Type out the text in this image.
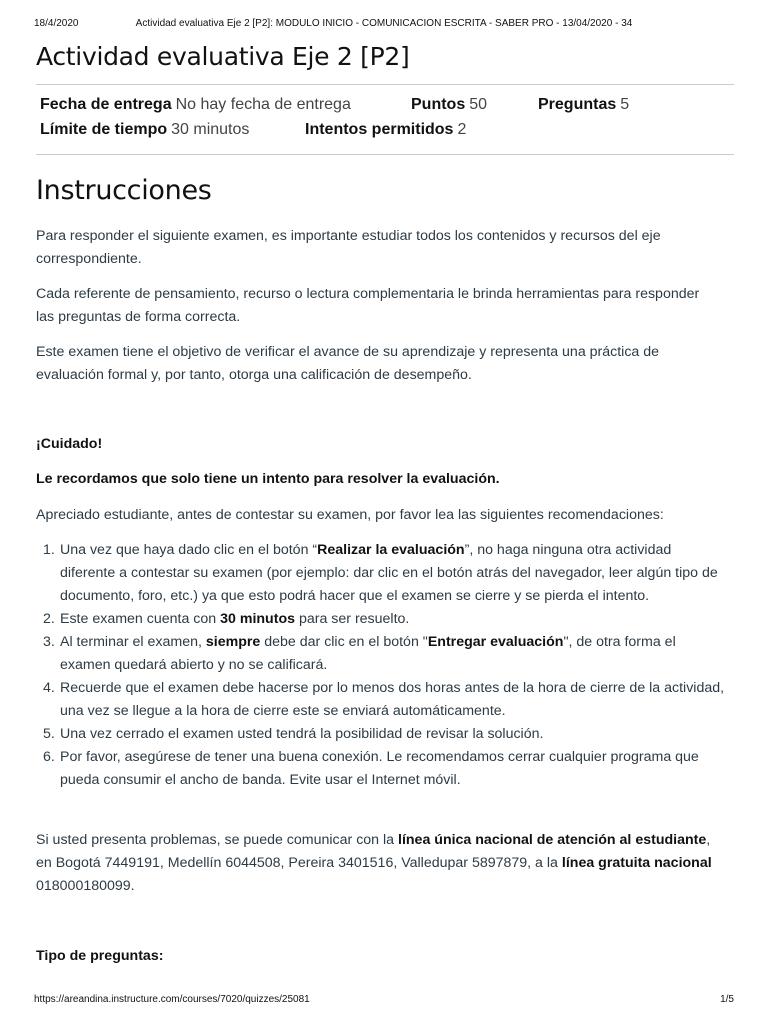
18/4/2020	Actividad evaluativa Eje 2 [P2]: MODULO INICIO - COMUNICACION ESCRITA - SABER PRO - 13/04/2020 - 34
Actividad evaluativa Eje 2 [P2]
Fecha de entrega No hay fecha de entrega	Puntos 50	Preguntas 5
Límite de tiempo 30 minutos	Intentos permitidos 2
Instrucciones

Para responder el siguiente examen, es importante estudiar todos los contenidos y recursos del eje correspondiente.

Cada referente de pensamiento, recurso o lectura complementaria le brinda herramientas para responder las preguntas de forma correcta.

Este examen tiene el objetivo de verificar el avance de su aprendizaje y representa una práctica de evaluación formal y, por tanto, otorga una calificación de desempeño.

¡Cuidado!
Le recordamos que solo tiene un intento para resolver la evaluación.

Apreciado estudiante, antes de contestar su examen, por favor lea las siguientes recomendaciones:

1. Una vez que haya dado clic en el botón “Realizar la evaluación”, no haga ninguna otra actividad diferente a contestar su examen (por ejemplo: dar clic en el botón atrás del navegador, leer algún tipo de documento, foro, etc.) ya que esto podrá hacer que el examen se cierre y se pierda el intento.
2. Este examen cuenta con 30 minutos para ser resuelto.
3. Al terminar el examen, siempre debe dar clic en el botón "Entregar evaluación", de otra forma el examen quedará abierto y no se calificará.
4. Recuerde que el examen debe hacerse por lo menos dos horas antes de la hora de cierre de la actividad, una vez se llegue a la hora de cierre este se enviará automáticamente.
5. Una vez cerrado el examen usted tendrá la posibilidad de revisar la solución.
6. Por favor, asegúrese de tener una buena conexión. Le recomendamos cerrar cualquier programa que pueda consumir el ancho de banda. Evite usar el Internet móvil.
Si usted presenta problemas, se puede comunicar con la línea única nacional de atención al estudiante, en Bogotá 7449191, Medellín 6044508, Pereira 3401516, Valledupar 5897879, a la línea gratuita nacional 018000180099.
Tipo de preguntas:
https://areandina.instructure.com/courses/7020/quizzes/25081	1/5
